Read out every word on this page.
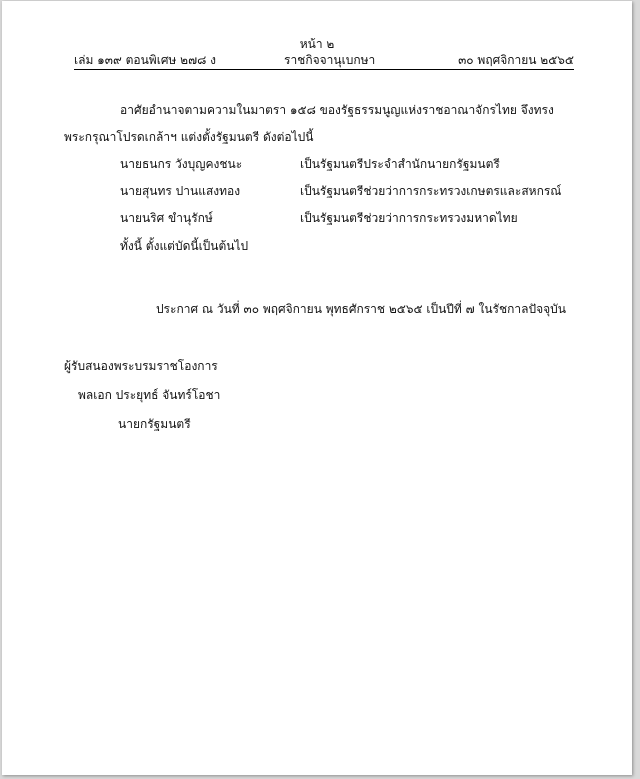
หน้า ๒
เล่ม ๑๓๙ ตอนพิเศษ ๒๗๘ ง	ราชกิจจานุเบกษา	๓๐ พฤศจิกายน ๒๕๖๕
อาศัยอำนาจตามความในมาตรา ๑๕๘ ของรัฐธรรมนูญแห่งราชอาณาจักรไทย จึงทรง
พระกรุณาโปรดเกล้าฯ แต่งตั้งรัฐมนตรี ดังต่อไปนี้
นายธนกร วังบุญคงชนะ	เป็นรัฐมนตรีประจำสำนักนายกรัฐมนตรี
นายสุนทร ปานแสงทอง	เป็นรัฐมนตรีช่วยว่าการกระทรวงเกษตรและสหกรณ์
นายนริศ ขำนุรักษ์	เป็นรัฐมนตรีช่วยว่าการกระทรวงมหาดไทย
ทั้งนี้ ตั้งแต่บัดนี้เป็นต้นไป
ประกาศ ณ วันที่ ๓๐ พฤศจิกายน พุทธศักราช ๒๕๖๕ เป็นปีที่ ๗ ในรัชกาลปัจจุบัน
ผู้รับสนองพระบรมราชโองการ
พลเอก ประยุทธ์ จันทร์โอชา
นายกรัฐมนตรี
